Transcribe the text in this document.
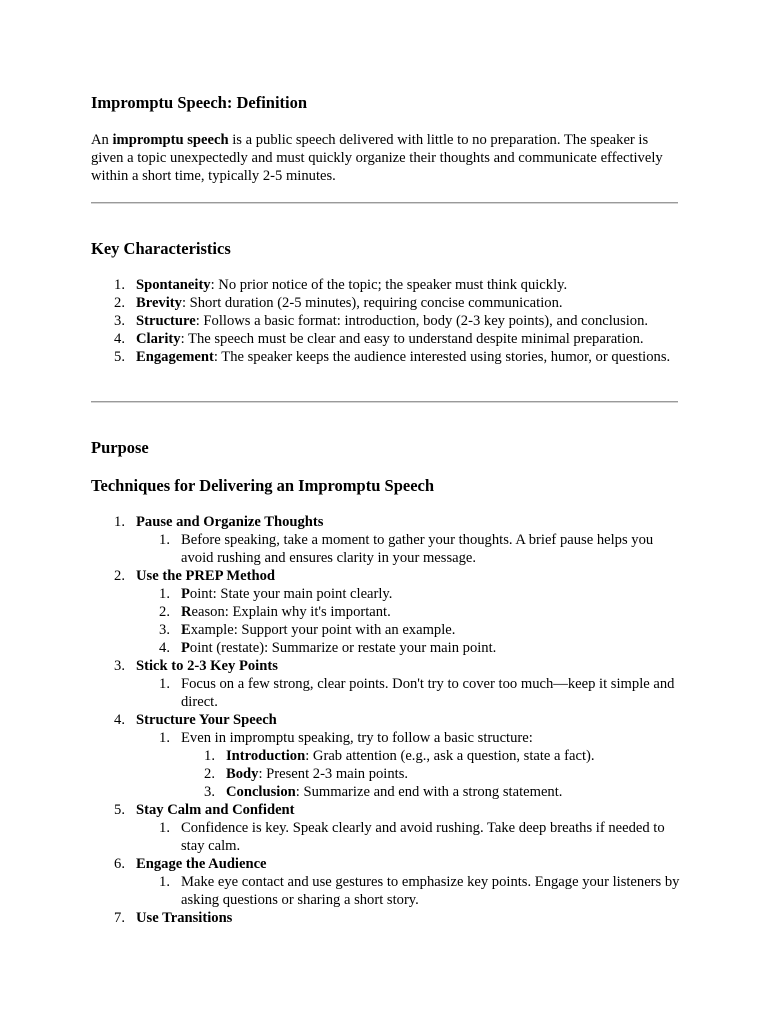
Impromptu Speech: Definition

An impromptu speech is a public speech delivered with little to no preparation. The speaker is given a topic unexpectedly and must quickly organize their thoughts and communicate effectively within a short time, typically 2-5 minutes.

Key Characteristics
1. Spontaneity: No prior notice of the topic; the speaker must think quickly.
2. Brevity: Short duration (2-5 minutes), requiring concise communication.
3. Structure: Follows a basic format: introduction, body (2-3 key points), and conclusion.
4. Clarity: The speech must be clear and easy to understand despite minimal preparation.
5. Engagement: The speaker keeps the audience interested using stories, humor, or questions.
Purpose
Techniques for Delivering an Impromptu Speech
1. Pause and Organize Thoughts
1. Before speaking, take a moment to gather your thoughts. A brief pause helps you avoid rushing and ensures clarity in your message.
2. Use the PREP Method
1. Point: State your main point clearly.
2. Reason: Explain why it's important.
3. Example: Support your point with an example.
4. Point (restate): Summarize or restate your main point.
3. Stick to 2-3 Key Points
1. Focus on a few strong, clear points. Don't try to cover too much—keep it simple and direct.
4. Structure Your Speech
1. Even in impromptu speaking, try to follow a basic structure:
1. Introduction: Grab attention (e.g., ask a question, state a fact).
2. Body: Present 2-3 main points.
3. Conclusion: Summarize and end with a strong statement.
5. Stay Calm and Confident
1. Confidence is key. Speak clearly and avoid rushing. Take deep breaths if needed to stay calm.
6. Engage the Audience
1. Make eye contact and use gestures to emphasize key points. Engage your listeners by asking questions or sharing a short story.
7. Use Transitions
